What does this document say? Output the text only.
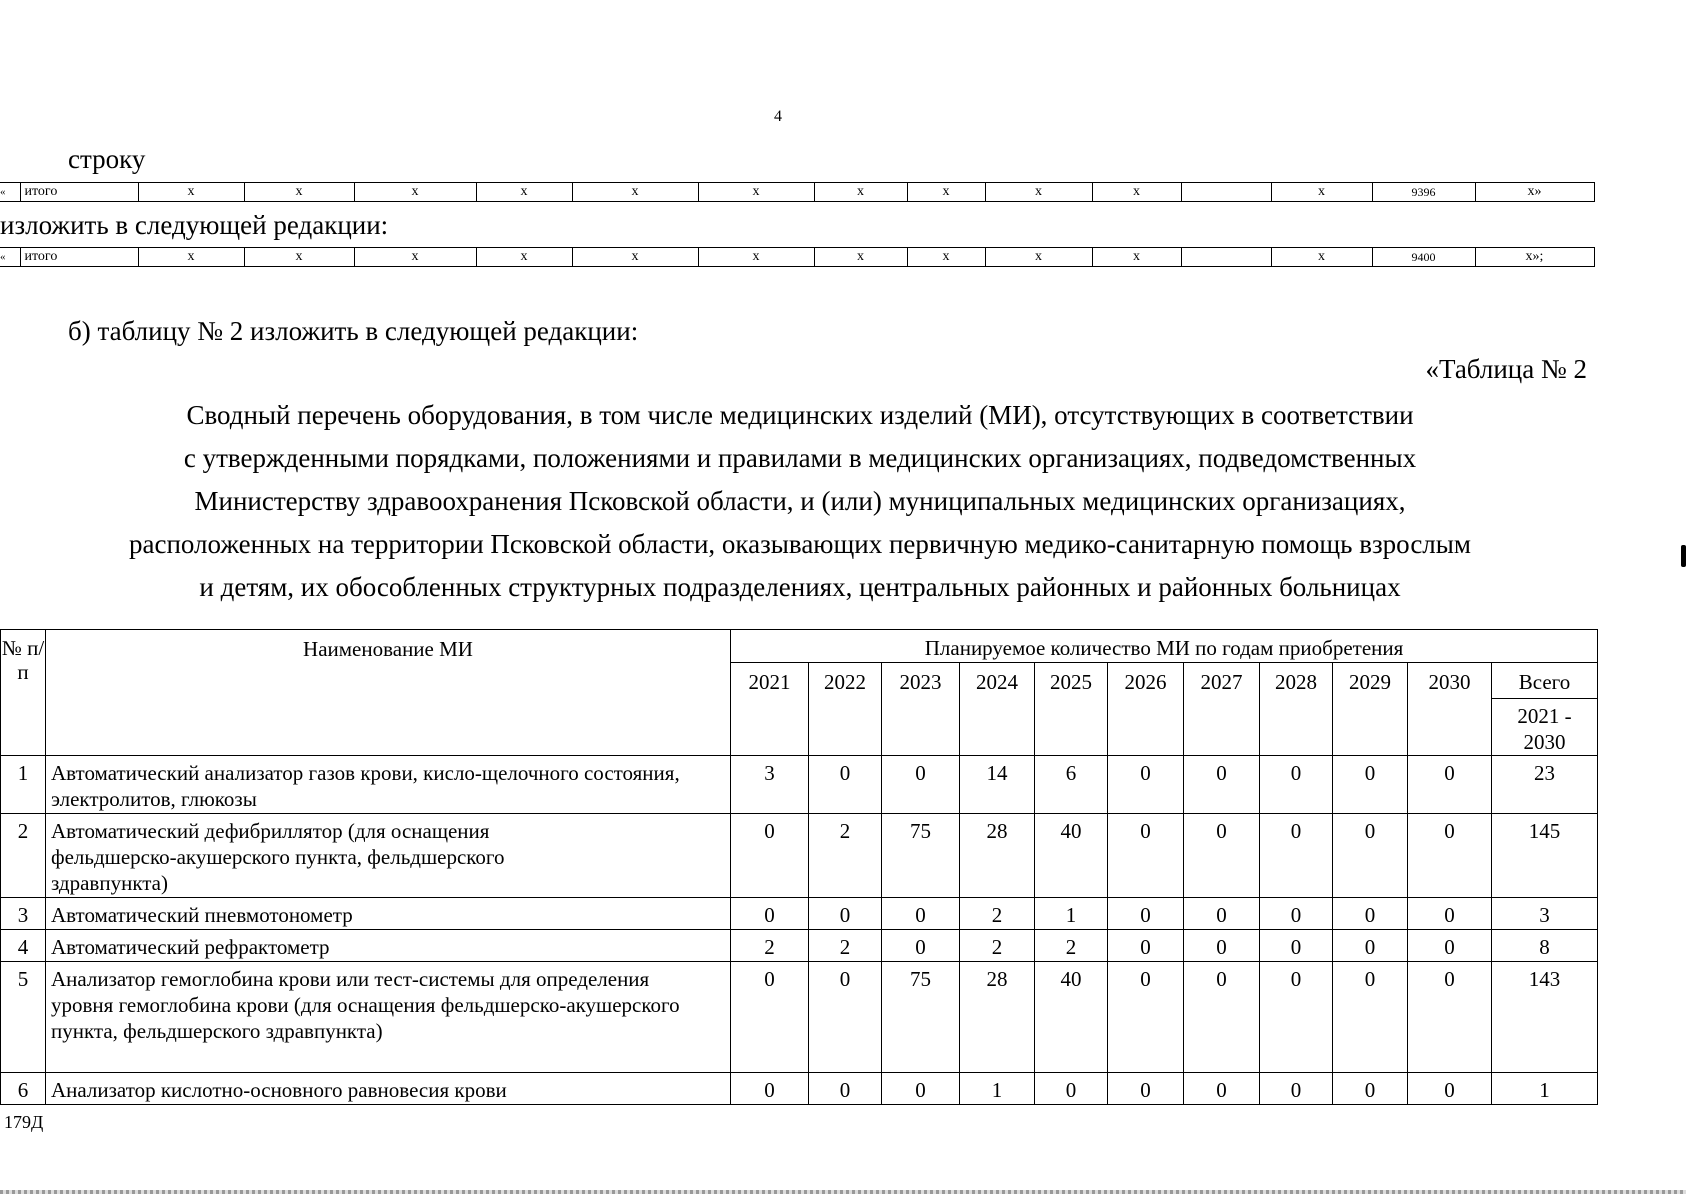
4
строку
«	итого	x	x	x	x	x	x	x	x	x	x		x	9396	x»
изложить в следующей редакции:
«	итого	x	x	x	x	x	x	x	x	x	x		x	9400	x»;
б) таблицу № 2 изложить в следующей редакции:
«Таблица № 2
Сводный перечень оборудования, в том числе медицинских изделий (МИ), отсутствующих в соответствии
с утвержденными порядками, положениями и правилами в медицинских организациях, подведомственных
Министерству здравоохранения Псковской области, и (или) муниципальных медицинских организациях,
расположенных на территории Псковской области, оказывающих первичную медико-санитарную помощь взрослым
и детям, их обособленных структурных подразделениях, центральных районных и районных больницах
№ п/п	Наименование МИ	Планируемое количество МИ по годам приобретения										
		2021	2022	2023	2024	2025	2026	2027	2028	2029	2030	Всего
												2021 - 2030
1	Автоматический анализатор газов крови, кисло-щелочного состояния, электролитов, глюкозы	3	0	0	14	6	0	0	0	0	0	23
2	Автоматический дефибриллятор (для оснащения фельдшерско-акушерского пункта, фельдшерского здравпункта)	0	2	75	28	40	0	0	0	0	0	145
3	Автоматический пневмотонометр	0	0	0	2	1	0	0	0	0	0	3
4	Автоматический рефрактометр	2	2	0	2	2	0	0	0	0	0	8
5	Анализатор гемоглобина крови или тест-системы для определения уровня гемоглобина крови (для оснащения фельдшерско-акушерского пункта, фельдшерского здравпункта)	0	0	75	28	40	0	0	0	0	0	143
6	Анализатор кислотно-основного равновесия крови	0	0	0	1	0	0	0	0	0	0	1
179Д
